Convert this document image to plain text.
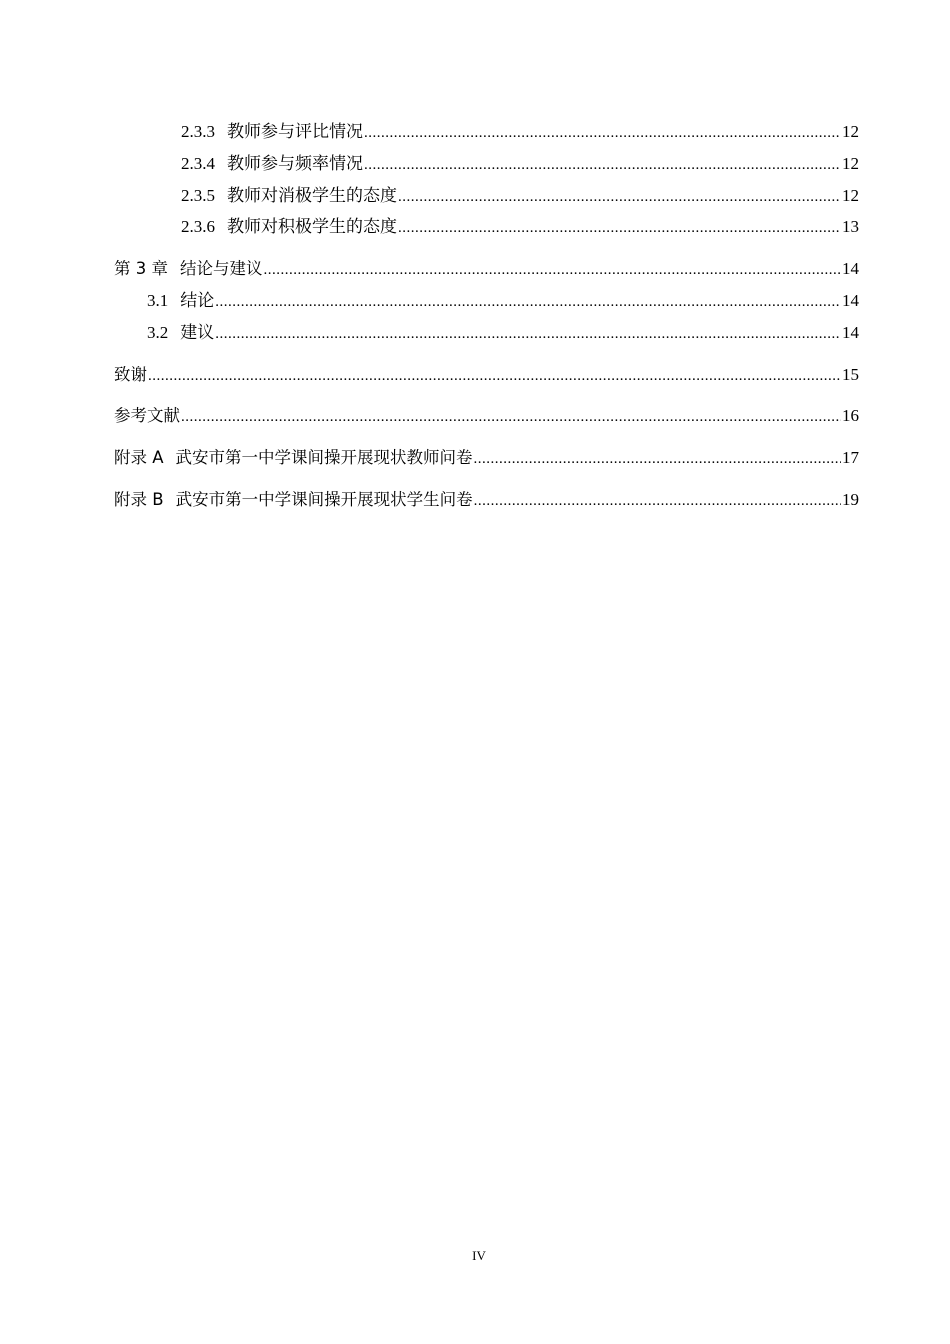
2.3.3 教师参与评比情况 .....	12
2.3.4 教师参与频率情况 .....	12
2.3.5 教师对消极学生的态度 .....	12
2.3.6 教师对积极学生的态度 .....	13
第 3 章 结论与建议 .....	14
3.1 结论 .....	14
3.2 建议 .....	14
致谢 .....	15
参考文献 .....	16
附录 A 武安市第一中学课间操开展现状教师问卷 .....	17
附录 B 武安市第一中学课间操开展现状学生问卷 .....	19
IV
